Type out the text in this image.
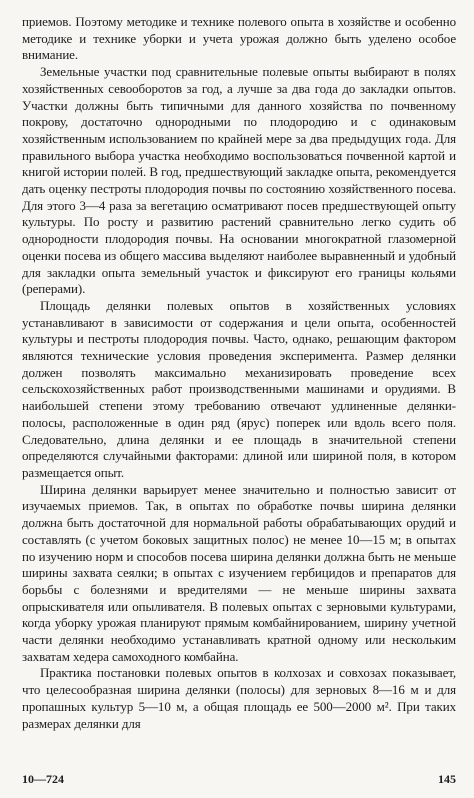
приемов. Поэтому методике и технике полевого опыта в хозяйстве и особенно методике и технике уборки и учета урожая должно быть уделено особое внимание.

Земельные участки под сравнительные полевые опыты выбирают в полях хозяйственных севооборотов за год, а лучше за два года до закладки опытов. Участки должны быть типичными для данного хозяйства по почвенному покрову, достаточно однородными по плодородию и с одинаковым хозяйственным использованием по крайней мере за два предыдущих года. Для правильного выбора участка необходимо воспользоваться почвенной картой и книгой истории полей. В год, предшествующий закладке опыта, рекомендуется дать оценку пестроты плодородия почвы по состоянию хозяйственного посева. Для этого 3—4 раза за вегетацию осматривают посев предшествующей опыту культуры. По росту и развитию растений сравнительно легко судить об однородности плодородия почвы. На основании многократной глазомерной оценки посева из общего массива выделяют наиболее выравненный и удобный для закладки опыта земельный участок и фиксируют его границы кольями (реперами).

Площадь делянки полевых опытов в хозяйственных условиях устанавливают в зависимости от содержания и цели опыта, особенностей культуры и пестроты плодородия почвы. Часто, однако, решающим фактором являются технические условия проведения эксперимента. Размер делянки должен позволять максимально механизировать проведение всех сельскохозяйственных работ производственными машинами и орудиями. В наибольшей степени этому требованию отвечают удлиненные делянки-полосы, расположенные в один ряд (ярус) поперек или вдоль всего поля. Следовательно, длина делянки и ее площадь в значительной степени определяются случайными факторами: длиной или шириной поля, в котором размещается опыт.

Ширина делянки варьирует менее значительно и полностью зависит от изучаемых приемов. Так, в опытах по обработке почвы ширина делянки должна быть достаточной для нормальной работы обрабатывающих орудий и составлять (с учетом боковых защитных полос) не менее 10—15 м; в опытах по изучению норм и способов посева ширина делянки должна быть не меньше ширины захвата сеялки; в опытах с изучением гербицидов и препаратов для борьбы с болезнями и вредителями — не меньше ширины захвата опрыскивателя или опыливателя. В полевых опытах с зерновыми культурами, когда уборку урожая планируют прямым комбайнированием, ширину учетной части делянки необходимо устанавливать кратной одному или нескольким захватам хедера самоходного комбайна.

Практика постановки полевых опытов в колхозах и совхозах показывает, что целесообразная ширина делянки (полосы) для зерновых 8—16 м и для пропашных культур 5—10 м, а общая площадь ее 500—2000 м². При таких размерах делянки для

10—724	145
